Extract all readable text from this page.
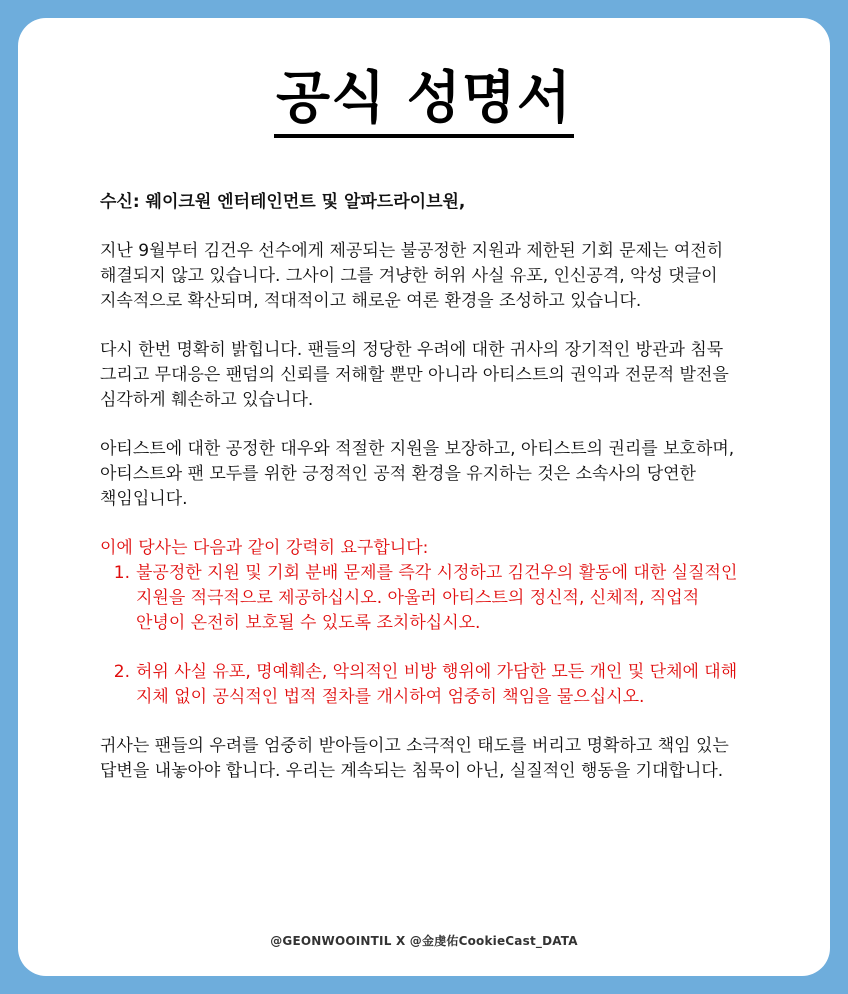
공식 성명서

수신: 웨이크원 엔터테인먼트 및 알파드라이브원,

지난 9월부터 김건우 선수에게 제공되는 불공정한 지원과 제한된 기회 문제는 여전히 해결되지 않고 있습니다. 그사이 그를 겨냥한 허위 사실 유포, 인신공격, 악성 댓글이 지속적으로 확산되며, 적대적이고 해로운 여론 환경을 조성하고 있습니다.

다시 한번 명확히 밝힙니다. 팬들의 정당한 우려에 대한 귀사의 장기적인 방관과 침묵 그리고 무대응은 팬덤의 신뢰를 저해할 뿐만 아니라 아티스트의 권익과 전문적 발전을 심각하게 훼손하고 있습니다.

아티스트에 대한 공정한 대우와 적절한 지원을 보장하고, 아티스트의 권리를 보호하며, 아티스트와 팬 모두를 위한 긍정적인 공적 환경을 유지하는 것은 소속사의 당연한 책임입니다.

이에 당사는 다음과 같이 강력히 요구합니다:

1. 불공정한 지원 및 기회 분배 문제를 즉각 시정하고 김건우의 활동에 대한 실질적인 지원을 적극적으로 제공하십시오. 아울러 아티스트의 정신적, 신체적, 직업적 안녕이 온전히 보호될 수 있도록 조치하십시오.
2. 허위 사실 유포, 명예훼손, 악의적인 비방 행위에 가담한 모든 개인 및 단체에 대해 지체 없이 공식적인 법적 절차를 개시하여 엄중히 책임을 물으십시오.

귀사는 팬들의 우려를 엄중히 받아들이고 소극적인 태도를 버리고 명확하고 책임 있는 답변을 내놓아야 합니다. 우리는 계속되는 침묵이 아닌, 실질적인 행동을 기대합니다.

@GEONWOOINTIL X @金虔佑CookieCast_DATA
